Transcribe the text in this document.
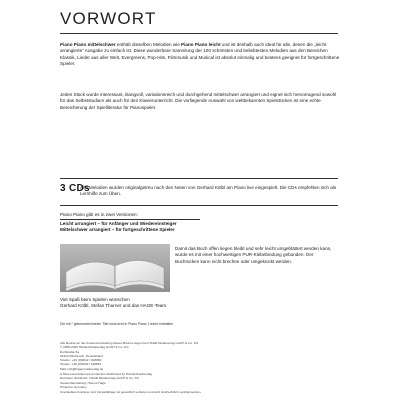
VORWORT

Piano Piano mittelschwer enthält dieselben Melodien wie Piano Piano leicht und ist deshalb auch ideal für alle, denen die „leicht arrangierte“ Ausgabe zu einfach ist. Diese wunderbare Sammlung der 100 schönsten und beliebtesten Melodien aus den Bereichen Klassik, Lieder aus aller Welt, Evergreens, Pop-Hits, Filmmusik und Musical ist absolut einmalig und bestens geeignet für fortgeschrittene Spieler.

Jedes Stück wurde interessant, klangvoll, variationsreich und durchgehend mittelschwer arrangiert und eignet sich hervorragend sowohl für das Selbststudium als auch für den Klavierunterricht. Die vorliegende Auswahl von weltbekannten Spielstücken ist eine echte Bereicherung der Spielliteratur für Pianospieler.

3 CDs
Alle Melodien wurden originalgetreu nach den Noten von Gerhard Kölbl am Piano live eingespielt. Die CDs empfehlen sich als Lernhilfe zum Üben.
Piano Piano gibt es in zwei Versionen:
Leicht arrangiert – für Anfänger und Wiedereinsteiger
Mittelschwer arrangiert – für fortgeschrittene Spieler
Damit das Buch offen liegen bleibt und sehr leicht umgeblättert werden kann, wurde es mit einer hochwertigen PUR-Klebebindung gebunden. Der Buchrücken kann nicht brechen oder umgeknickt werden.
Viel Spaß beim Spielen wünschen
Gerhard Kölbl, Stefan Thurner und das HAGE-Team
Die mit * gekennzeichneten Titel sind nicht in Piano Piano 1 leicht enthalten.
Alle Rechte an der Zusammenstellung dieses Buches liegen bei HAGE Musikverlag GmbH & Co. KG
© 2005-2020 HAGE Musikverlag GmbH & Co. KG
Dorfstraße 5a
94124 Rinchnach, Deutschland
Telefon: +49 (0)9942 / 918860
Telefax: +49 (0)9942 / 918861
Mail: info@hagemusikverlag.de
A Hal Leonard Europe production distributed by HAGE Musikverlag
Exclusive distributor: HAGE Musikverlag GmbH & Co. KG
Gesamtherstellung: Helmut Hage
Printed in Germany
Unerlaubtes Kopieren und Vervielfältigen ist gesetzlich verboten und wird strafrechtlich verfolgt werden.
